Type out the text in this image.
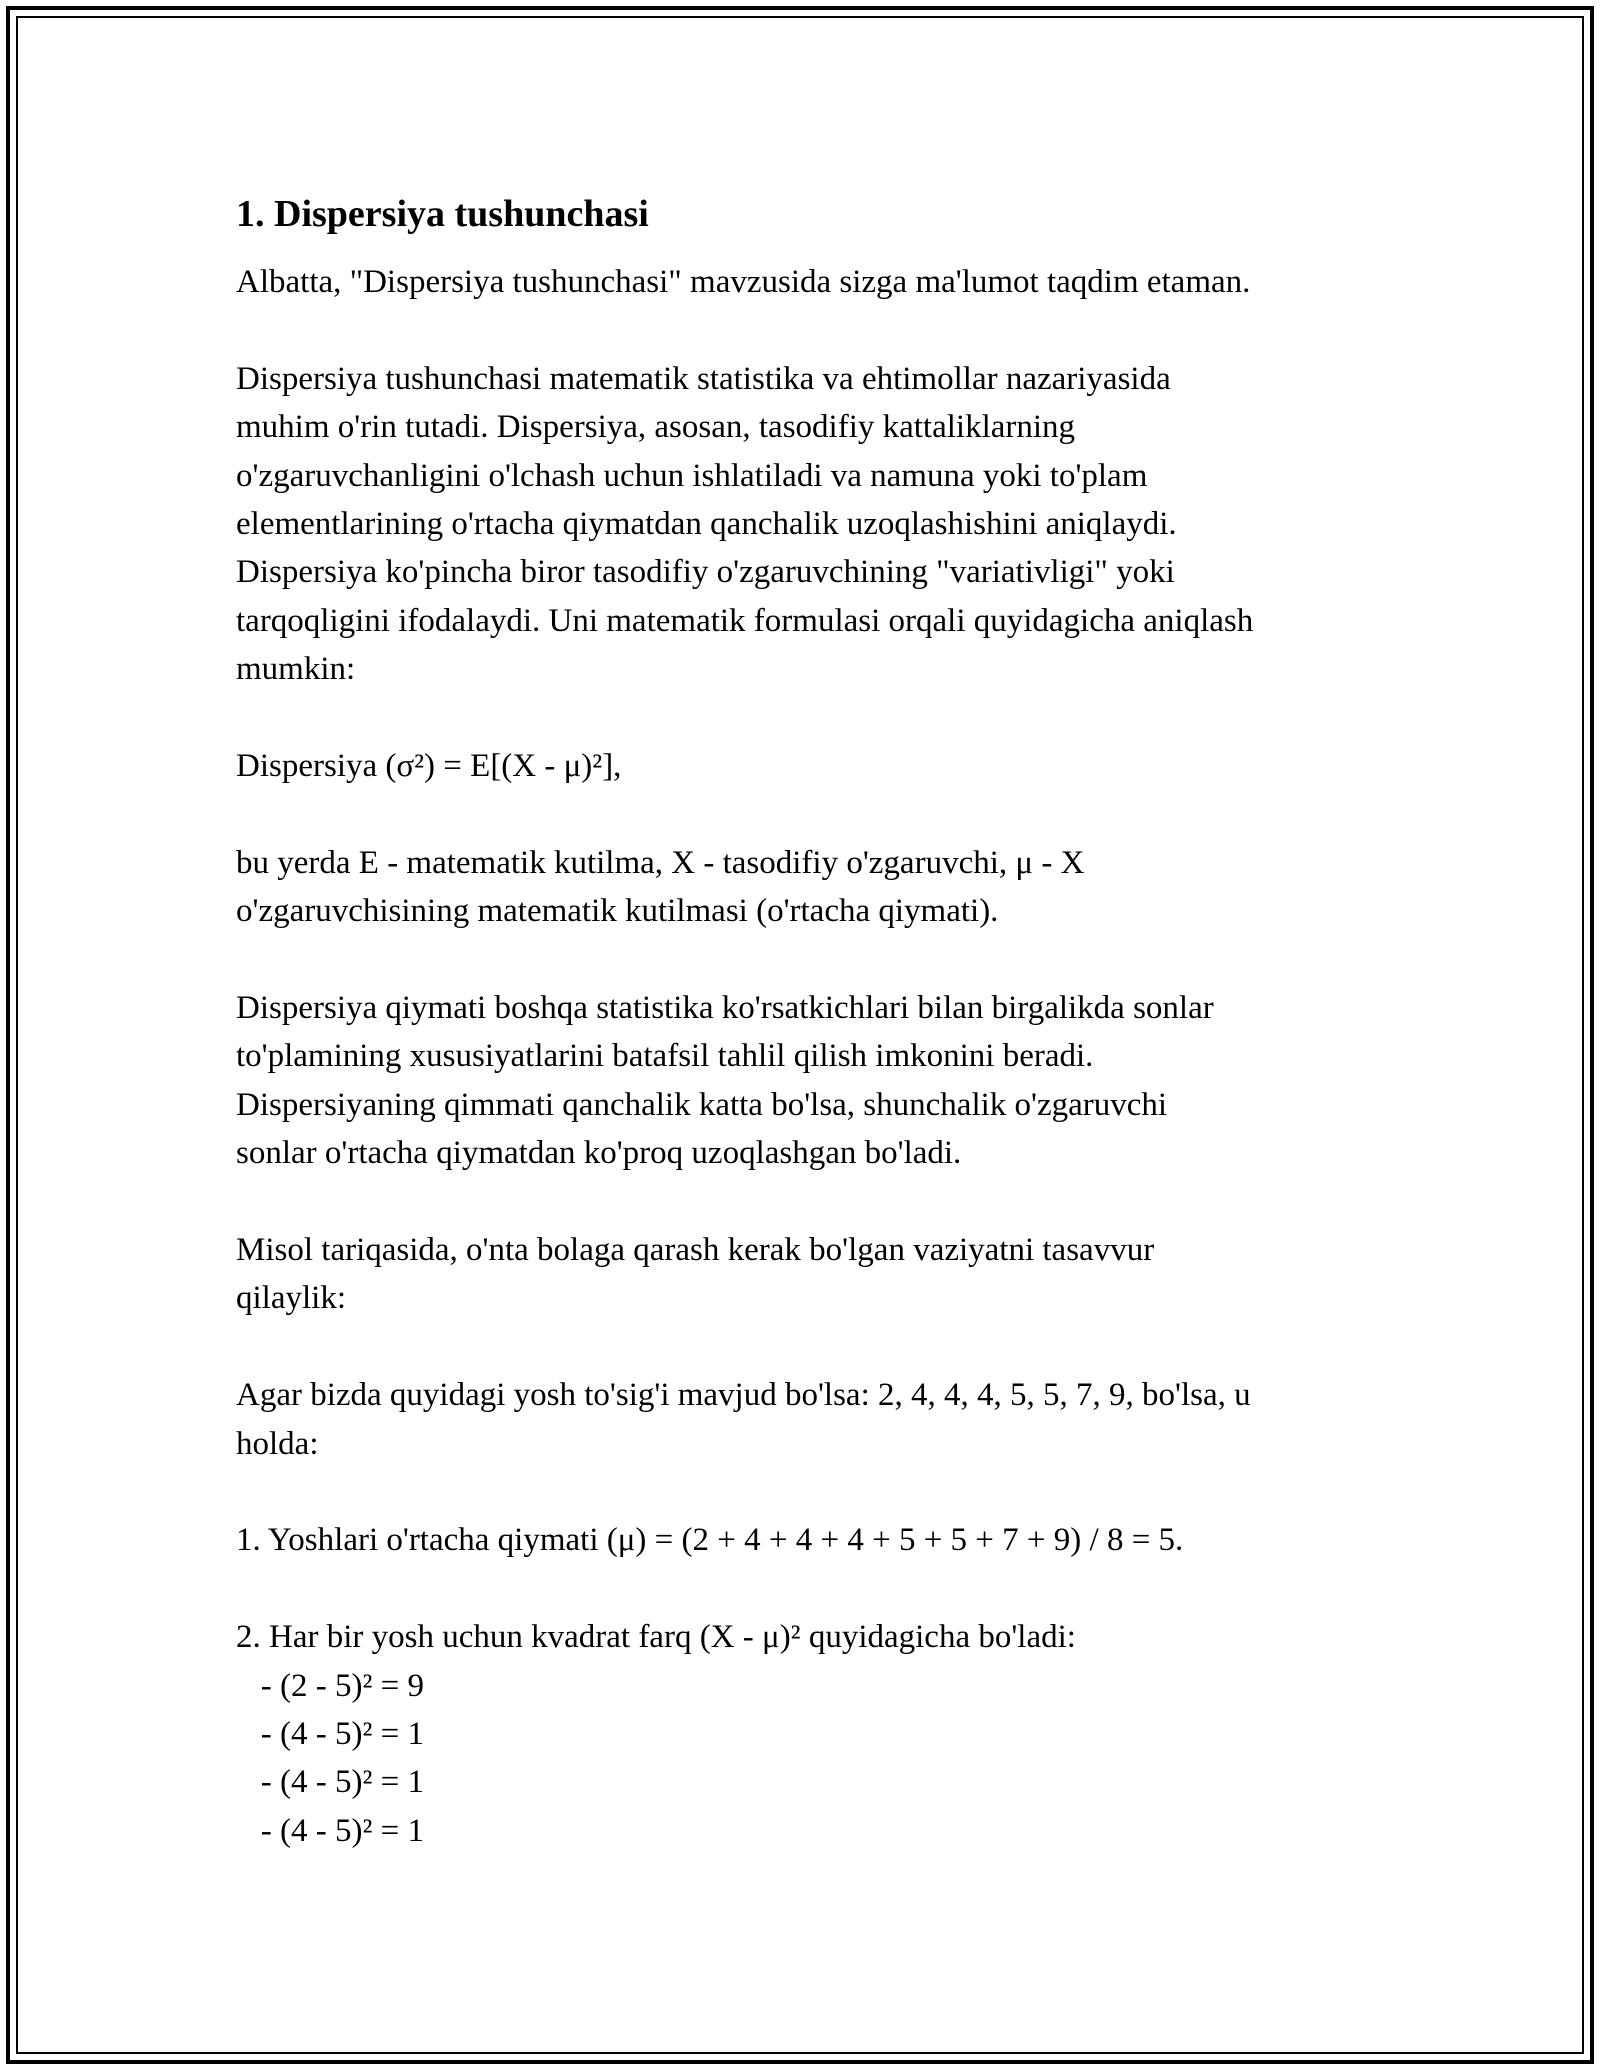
1. Dispersiya tushunchasi
Albatta, "Dispersiya tushunchasi" mavzusida sizga ma'lumot taqdim etaman.
Dispersiya tushunchasi matematik statistika va ehtimollar nazariyasida
muhim o'rin tutadi. Dispersiya, asosan, tasodifiy kattaliklarning
o'zgaruvchanligini o'lchash uchun ishlatiladi va namuna yoki to'plam
elementlarining o'rtacha qiymatdan qanchalik uzoqlashishini aniqlaydi.
Dispersiya ko'pincha biror tasodifiy o'zgaruvchining "variativligi" yoki
tarqoqligini ifodalaydi. Uni matematik formulasi orqali quyidagicha aniqlash
mumkin:
Dispersiya (σ²) = E[(X - μ)²],
bu yerda E - matematik kutilma, X - tasodifiy o'zgaruvchi, μ - X
o'zgaruvchisining matematik kutilmasi (o'rtacha qiymati).
Dispersiya qiymati boshqa statistika ko'rsatkichlari bilan birgalikda sonlar
to'plamining xususiyatlarini batafsil tahlil qilish imkonini beradi.
Dispersiyaning qimmati qanchalik katta bo'lsa, shunchalik o'zgaruvchi
sonlar o'rtacha qiymatdan ko'proq uzoqlashgan bo'ladi.
Misol tariqasida, o'nta bolaga qarash kerak bo'lgan vaziyatni tasavvur
qilaylik:
Agar bizda quyidagi yosh to'sig'i mavjud bo'lsa: 2, 4, 4, 4, 5, 5, 7, 9, bo'lsa, u
holda:
1. Yoshlari o'rtacha qiymati (μ) = (2 + 4 + 4 + 4 + 5 + 5 + 7 + 9) / 8 = 5.
2. Har bir yosh uchun kvadrat farq (X - μ)² quyidagicha bo'ladi:
- (2 - 5)² = 9
- (4 - 5)² = 1
- (4 - 5)² = 1
- (4 - 5)² = 1
